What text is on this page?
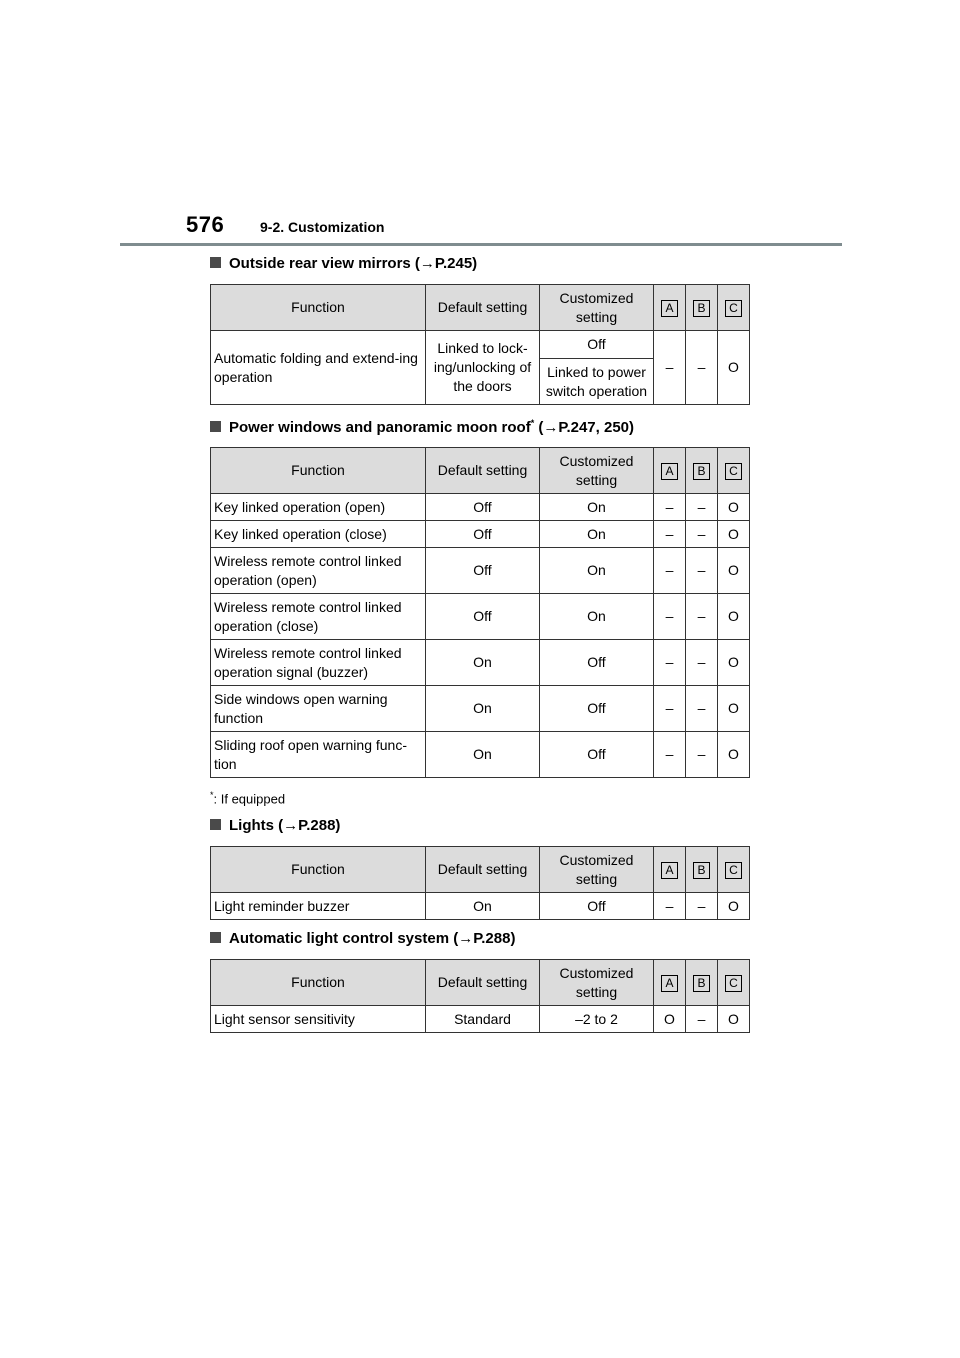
576	9-2. Customization
Outside rear view mirrors (→P.245)
Function	Default setting	Customized setting	A	B	C
Automatic folding and extend-ing operation	Linked to lock-ing/unlocking of the doors	Off	–	–	O
		Linked to power switch operation			
Power windows and panoramic moon roof* (→P.247, 250)
Function	Default setting	Customized setting	A	B	C
Key linked operation (open)	Off	On	–	–	O
Key linked operation (close)	Off	On	–	–	O
Wireless remote control linked operation (open)	Off	On	–	–	O
Wireless remote control linked operation (close)	Off	On	–	–	O
Wireless remote control linked operation signal (buzzer)	On	Off	–	–	O
Side windows open warning function	On	Off	–	–	O
Sliding roof open warning func-tion	On	Off	–	–	O
*: If equipped
Lights (→P.288)
Function	Default setting	Customized setting	A	B	C
Light reminder buzzer	On	Off	–	–	O
Automatic light control system (→P.288)
Function	Default setting	Customized setting	A	B	C
Light sensor sensitivity	Standard	–2 to 2	O	–	O
